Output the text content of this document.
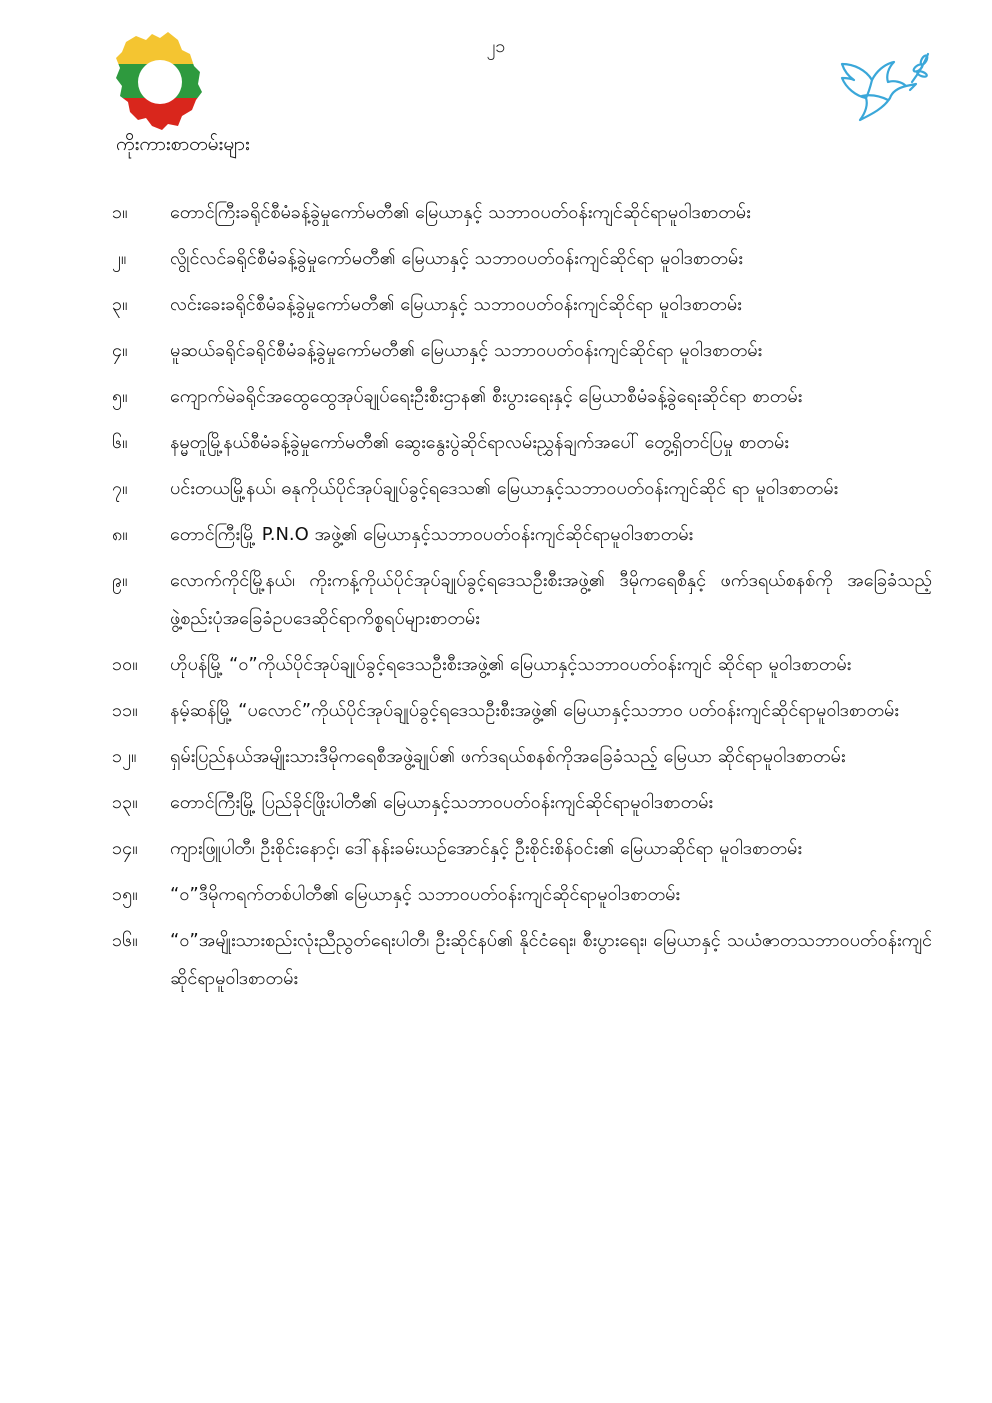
၂၁
ကိုးကားစာတမ်းများ
၁။	တောင်ကြီးခရိုင်စီမံခန့်ခွဲမှုကော်မတီ၏ မြေယာနှင့် သဘာဝပတ်ဝန်းကျင်ဆိုင်ရာမူဝါဒစာတမ်း
၂။	လွိုင်လင်ခရိုင်စီမံခန့်ခွဲမှုကော်မတီ၏ မြေယာနှင့် သဘာဝပတ်ဝန်းကျင်ဆိုင်ရာ မူဝါဒစာတမ်း
၃။	လင်းခေးခရိုင်စီမံခန့်ခွဲမှုကော်မတီ၏ မြေယာနှင့် သဘာဝပတ်ဝန်းကျင်ဆိုင်ရာ မူဝါဒစာတမ်း
၄။	မူဆယ်ခရိုင်ခရိုင်စီမံခန့်ခွဲမှုကော်မတီ၏ မြေယာနှင့် သဘာဝပတ်ဝန်းကျင်ဆိုင်ရာ မူဝါဒစာတမ်း
၅။	ကျောက်မဲခရိုင်အထွေထွေအုပ်ချုပ်ရေးဦးစီးဌာန၏ စီးပွားရေးနှင့် မြေယာစီမံခန့်ခွဲရေးဆိုင်ရာ စာတမ်း
၆။	နမ္မတူမြို့နယ်စီမံခန့်ခွဲမှုကော်မတီ၏ ဆွေးနွေးပွဲဆိုင်ရာလမ်းညွှန်ချက်အပေါ် တွေ့ရှိတင်ပြမှု စာတမ်း
၇။	ပင်းတယမြို့နယ်၊ ဓနုကိုယ်ပိုင်အုပ်ချုပ်ခွင့်ရဒေသ၏ မြေယာနှင့်သဘာဝပတ်ဝန်းကျင်ဆိုင် ရာ မူဝါဒစာတမ်း
၈။	တောင်ကြီးမြို့ P.N.O အဖွဲ့၏ မြေယာနှင့်သဘာဝပတ်ဝန်းကျင်ဆိုင်ရာမူဝါဒစာတမ်း
၉။	လောက်ကိုင်မြို့နယ်၊ ကိုးကန့်ကိုယ်ပိုင်အုပ်ချုပ်ခွင့်ရဒေသဦးစီးအဖွဲ့၏ ဒီမိုကရေစီနှင့် ဖက်ဒရယ်စနစ်ကို အခြေခံသည့် ဖွဲ့စည်းပုံအခြေခံဥပဒေဆိုင်ရာကိစ္စရပ်များစာတမ်း
၁၀။	ဟိုပန်မြို့ “ဝ”ကိုယ်ပိုင်အုပ်ချုပ်ခွင့်ရဒေသဦးစီးအဖွဲ့၏ မြေယာနှင့်သဘာဝပတ်ဝန်းကျင် ဆိုင်ရာ မူဝါဒစာတမ်း
၁၁။	နမ့်ဆန်မြို့ “ပလောင်”ကိုယ်ပိုင်အုပ်ချုပ်ခွင့်ရဒေသဦးစီးအဖွဲ့၏ မြေယာနှင့်သဘာဝ ပတ်ဝန်းကျင်ဆိုင်ရာမူဝါဒစာတမ်း
၁၂။	ရှမ်းပြည်နယ်အမျိုးသားဒီမိုကရေစီအဖွဲ့ချုပ်၏ ဖက်ဒရယ်စနစ်ကိုအခြေခံသည့် မြေယာ ဆိုင်ရာမူဝါဒစာတမ်း
၁၃။	တောင်ကြီးမြို့ ပြည်ခိုင်ဖြိုးပါတီ၏ မြေယာနှင့်သဘာဝပတ်ဝန်းကျင်ဆိုင်ရာမူဝါဒစာတမ်း
၁၄။	ကျားဖြူပါတီ၊ ဦးစိုင်းနောင့်၊ ဒေါ်နန်းခမ်းယဉ်အောင်နှင့် ဦးစိုင်းစိန်ဝင်း၏ မြေယာဆိုင်ရာ မူဝါဒစာတမ်း
၁၅။	“ဝ”ဒီမိုကရက်တစ်ပါတီ၏ မြေယာနှင့် သဘာဝပတ်ဝန်းကျင်ဆိုင်ရာမူဝါဒစာတမ်း
၁၆။	“ဝ”အမျိုးသားစည်းလုံးညီညွတ်ရေးပါတီ၊ ဦးဆိုင်နပ်၏ နိုင်ငံရေး၊ စီးပွားရေး၊ မြေယာနှင့် သယံဇာတသဘာဝပတ်ဝန်းကျင်ဆိုင်ရာမူဝါဒစာတမ်း
